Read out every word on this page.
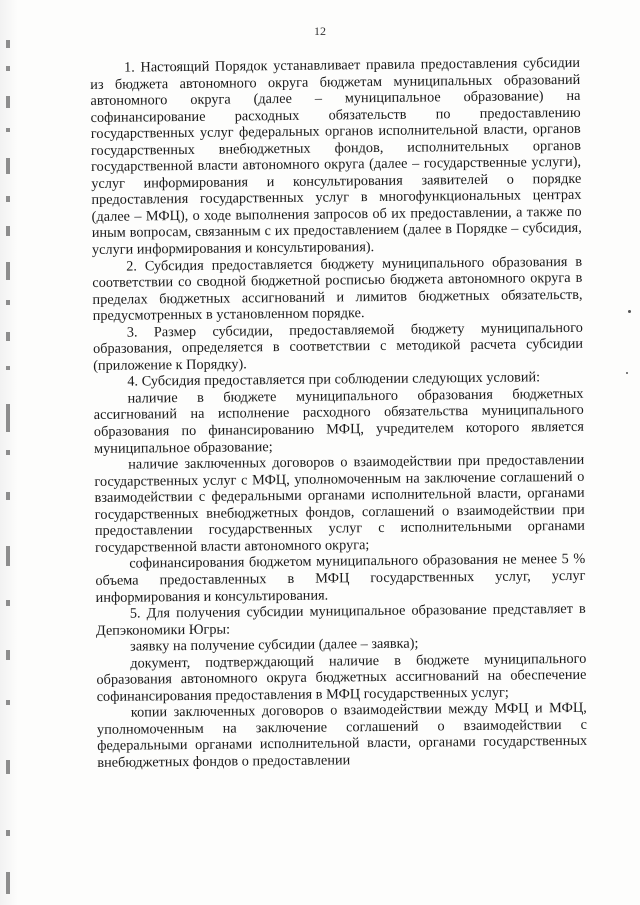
12

1. Настоящий Порядок устанавливает правила предоставления субсидии из бюджета автономного округа бюджетам муниципальных образований автономного округа (далее – муниципальное образование) на софинансирование расходных обязательств по предоставлению государственных услуг федеральных органов исполнительной власти, органов государственных внебюджетных фондов, исполнительных органов государственной власти автономного округа (далее – государственные услуги), услуг информирования и консультирования заявителей о порядке предоставления государственных услуг в многофункциональных центрах (далее – МФЦ), о ходе выполнения запросов об их предоставлении, а также по иным вопросам, связанным с их предоставлением (далее в Порядке – субсидия, услуги информирования и консультирования).

2. Субсидия предоставляется бюджету муниципального образования в соответствии со сводной бюджетной росписью бюджета автономного округа в пределах бюджетных ассигнований и лимитов бюджетных обязательств, предусмотренных в установленном порядке.

3. Размер субсидии, предоставляемой бюджету муниципального образования, определяется в соответствии с методикой расчета субсидии (приложение к Порядку).

4. Субсидия предоставляется при соблюдении следующих условий:

наличие в бюджете муниципального образования бюджетных ассигнований на исполнение расходного обязательства муниципального образования по финансированию МФЦ, учредителем которого является муниципальное образование;

наличие заключенных договоров о взаимодействии при предоставлении государственных услуг с МФЦ, уполномоченным на заключение соглашений о взаимодействии с федеральными органами исполнительной власти, органами государственных внебюджетных фондов, соглашений о взаимодействии при предоставлении государственных услуг с исполнительными органами государственной власти автономного округа;

софинансирования бюджетом муниципального образования не менее 5 % объема предоставленных в МФЦ государственных услуг, услуг информирования и консультирования.

5. Для получения субсидии муниципальное образование представляет в Депэкономики Югры:

заявку на получение субсидии (далее – заявка);

документ, подтверждающий наличие в бюджете муниципального образования автономного округа бюджетных ассигнований на обеспечение софинансирования предоставления в МФЦ государственных услуг;

копии заключенных договоров о взаимодействии между МФЦ и МФЦ, уполномоченным на заключение соглашений о взаимодействии с федеральными органами исполнительной власти, органами государственных внебюджетных фондов о предоставлении
